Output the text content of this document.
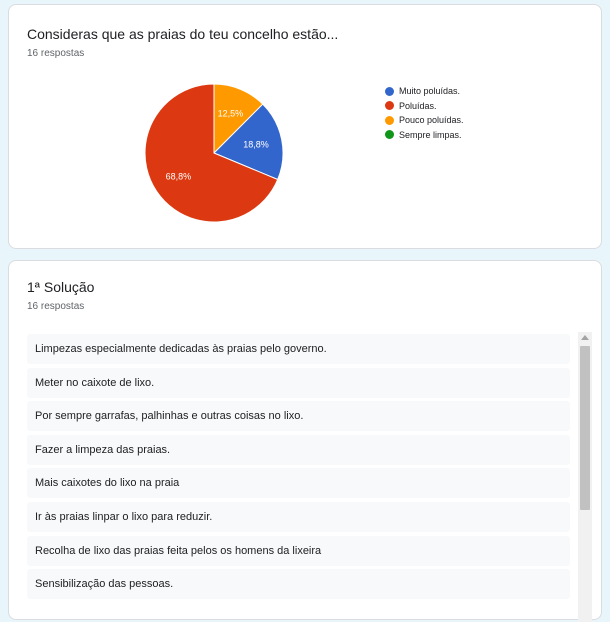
Consideras que as praias do teu concelho estão...
16 respostas
12,5%
18,8%
68,8%
Muito poluídas.
Poluídas.
Pouco poluídas.
Sempre limpas.
1ª Solução
16 respostas
Limpezas especialmente dedicadas às praias pelo governo.
Meter no caixote de lixo.
Por sempre garrafas, palhinhas e outras coisas no lixo.
Fazer a limpeza das praias.
Mais caixotes do lixo na praia
Ir às praias linpar o lixo para reduzir.
Recolha de lixo das praias feita pelos os homens da lixeira
Sensibilização das pessoas.
